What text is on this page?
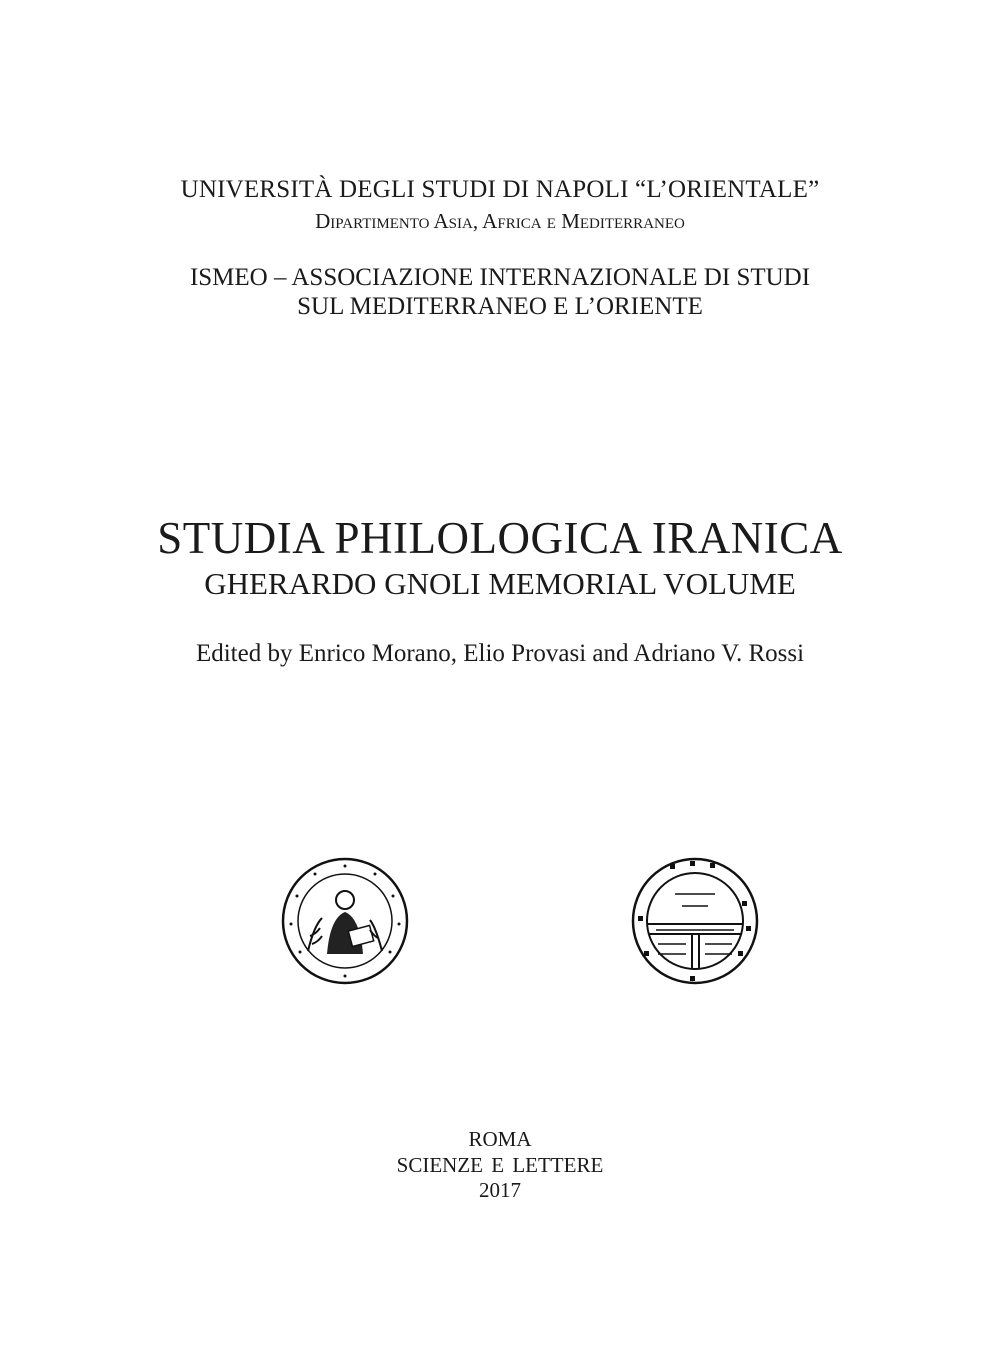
UNIVERSITÀ DEGLI STUDI DI NAPOLI “L’ORIENTALE”
Dipartimento Asia, Africa e Mediterraneo
ISMEO – ASSOCIAZIONE INTERNAZIONALE DI STUDI
SUL MEDITERRANEO E L’ORIENTE
STUDIA PHILOLOGICA IRANICA
GHERARDO GNOLI MEMORIAL VOLUME
Edited by Enrico Morano, Elio Provasi and Adriano V. Rossi
ROMA
SCIENZE E LETTERE
2017
